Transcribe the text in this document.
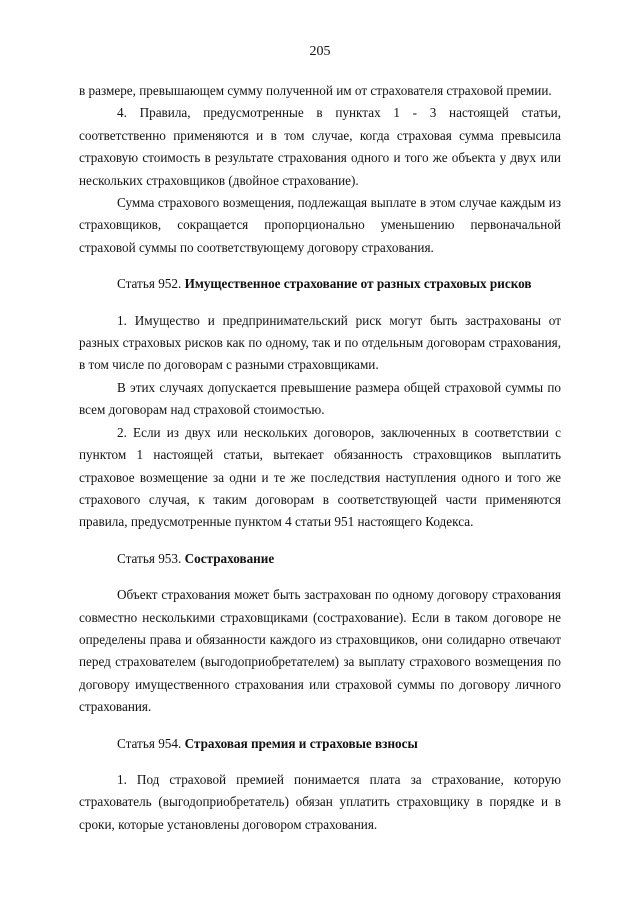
205

в размере, превышающем сумму полученной им от страхователя страховой премии.

4. Правила, предусмотренные в пунктах 1 - 3 настоящей статьи, соответственно применяются и в том случае, когда страховая сумма превысила страховую стоимость в результате страхования одного и того же объекта у двух или нескольких страховщиков (двойное страхование).

Сумма страхового возмещения, подлежащая выплате в этом случае каждым из страховщиков, сокращается пропорционально уменьшению первоначальной страховой суммы по соответствующему договору страхования.

Статья 952. Имущественное страхование от разных страховых рисков

1. Имущество и предпринимательский риск могут быть застрахованы от разных страховых рисков как по одному, так и по отдельным договорам страхования, в том числе по договорам с разными страховщиками.

В этих случаях допускается превышение размера общей страховой суммы по всем договорам над страховой стоимостью.

2. Если из двух или нескольких договоров, заключенных в соответствии с пунктом 1 настоящей статьи, вытекает обязанность страховщиков выплатить страховое возмещение за одни и те же последствия наступления одного и того же страхового случая, к таким договорам в соответствующей части применяются правила, предусмотренные пунктом 4 статьи 951 настоящего Кодекса.

Статья 953. Сострахование

Объект страхования может быть застрахован по одному договору страхования совместно несколькими страховщиками (сострахование). Если в таком договоре не определены права и обязанности каждого из страховщиков, они солидарно отвечают перед страхователем (выгодоприобретателем) за выплату страхового возмещения по договору имущественного страхования или страховой суммы по договору личного страхования.

Статья 954. Страховая премия и страховые взносы

1. Под страховой премией понимается плата за страхование, которую страхователь (выгодоприобретатель) обязан уплатить страховщику в порядке и в сроки, которые установлены договором страхования.
